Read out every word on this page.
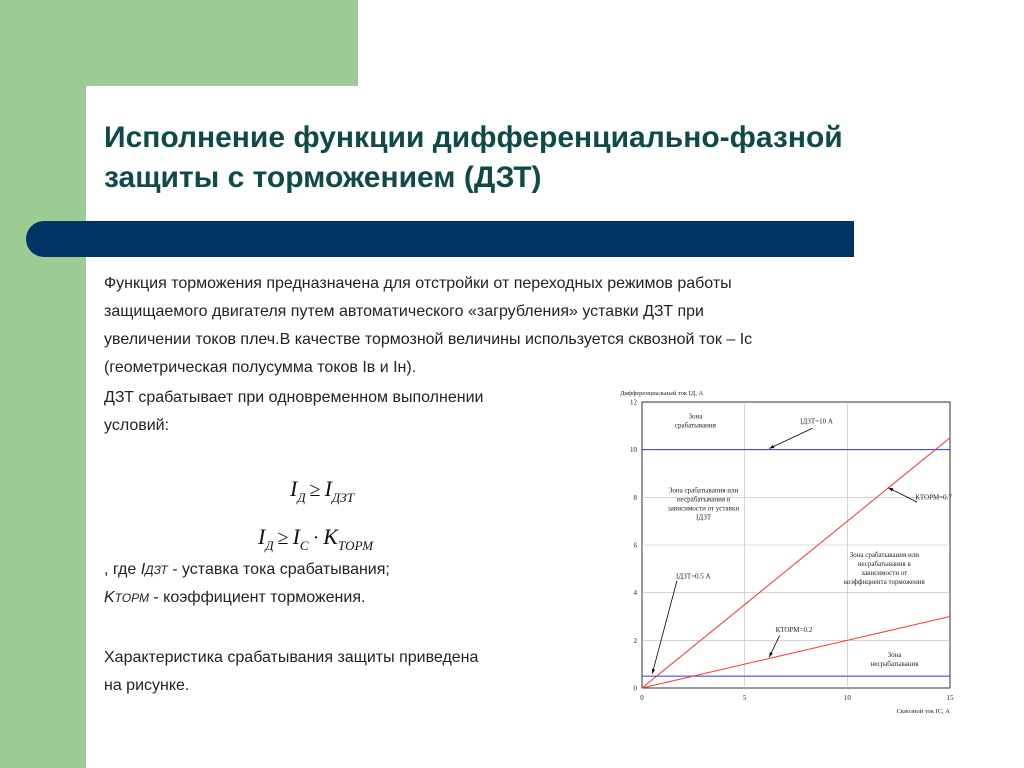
Исполнение функции дифференциально-фазной защиты с торможением (ДЗТ)
Функция торможения предназначена для отстройки от переходных режимов работы
защищаемого двигателя путем автоматического «загрубления» уставки ДЗТ при
увеличении токов плеч.В качестве тормозной величины используется сквозной ток – Ic
(геометрическая полусумма токов Iв и Iн).
ДЗТ срабатывает при одновременном выполнении
условий:
$I_Д \ge I_{ДЗТ}$
$I_Д \ge I_C \cdot K_{ТОРМ}$
, где IДЗТ - уставка тока срабатывания;
KТОРМ - коэффициент торможения.
Характеристика срабатывания защиты приведена
на рисунке.	0
2
4
6
8
10
12
0	5	10	15
Дифференциальный ток IД, А
Сквозной ток IС, А
Зона
срабатывания
Зона срабатывания или
несрабатывания в
зависимости от уставки
IДЗТ
Зона срабатывания или
несрабатывания в
зависимости от
коэффициента торможения
Зона
несрабатывания
IДЗТ=10 А
КТОРМ=0.7
IДЗТ=0.5 А
КТОРМ=0.2
